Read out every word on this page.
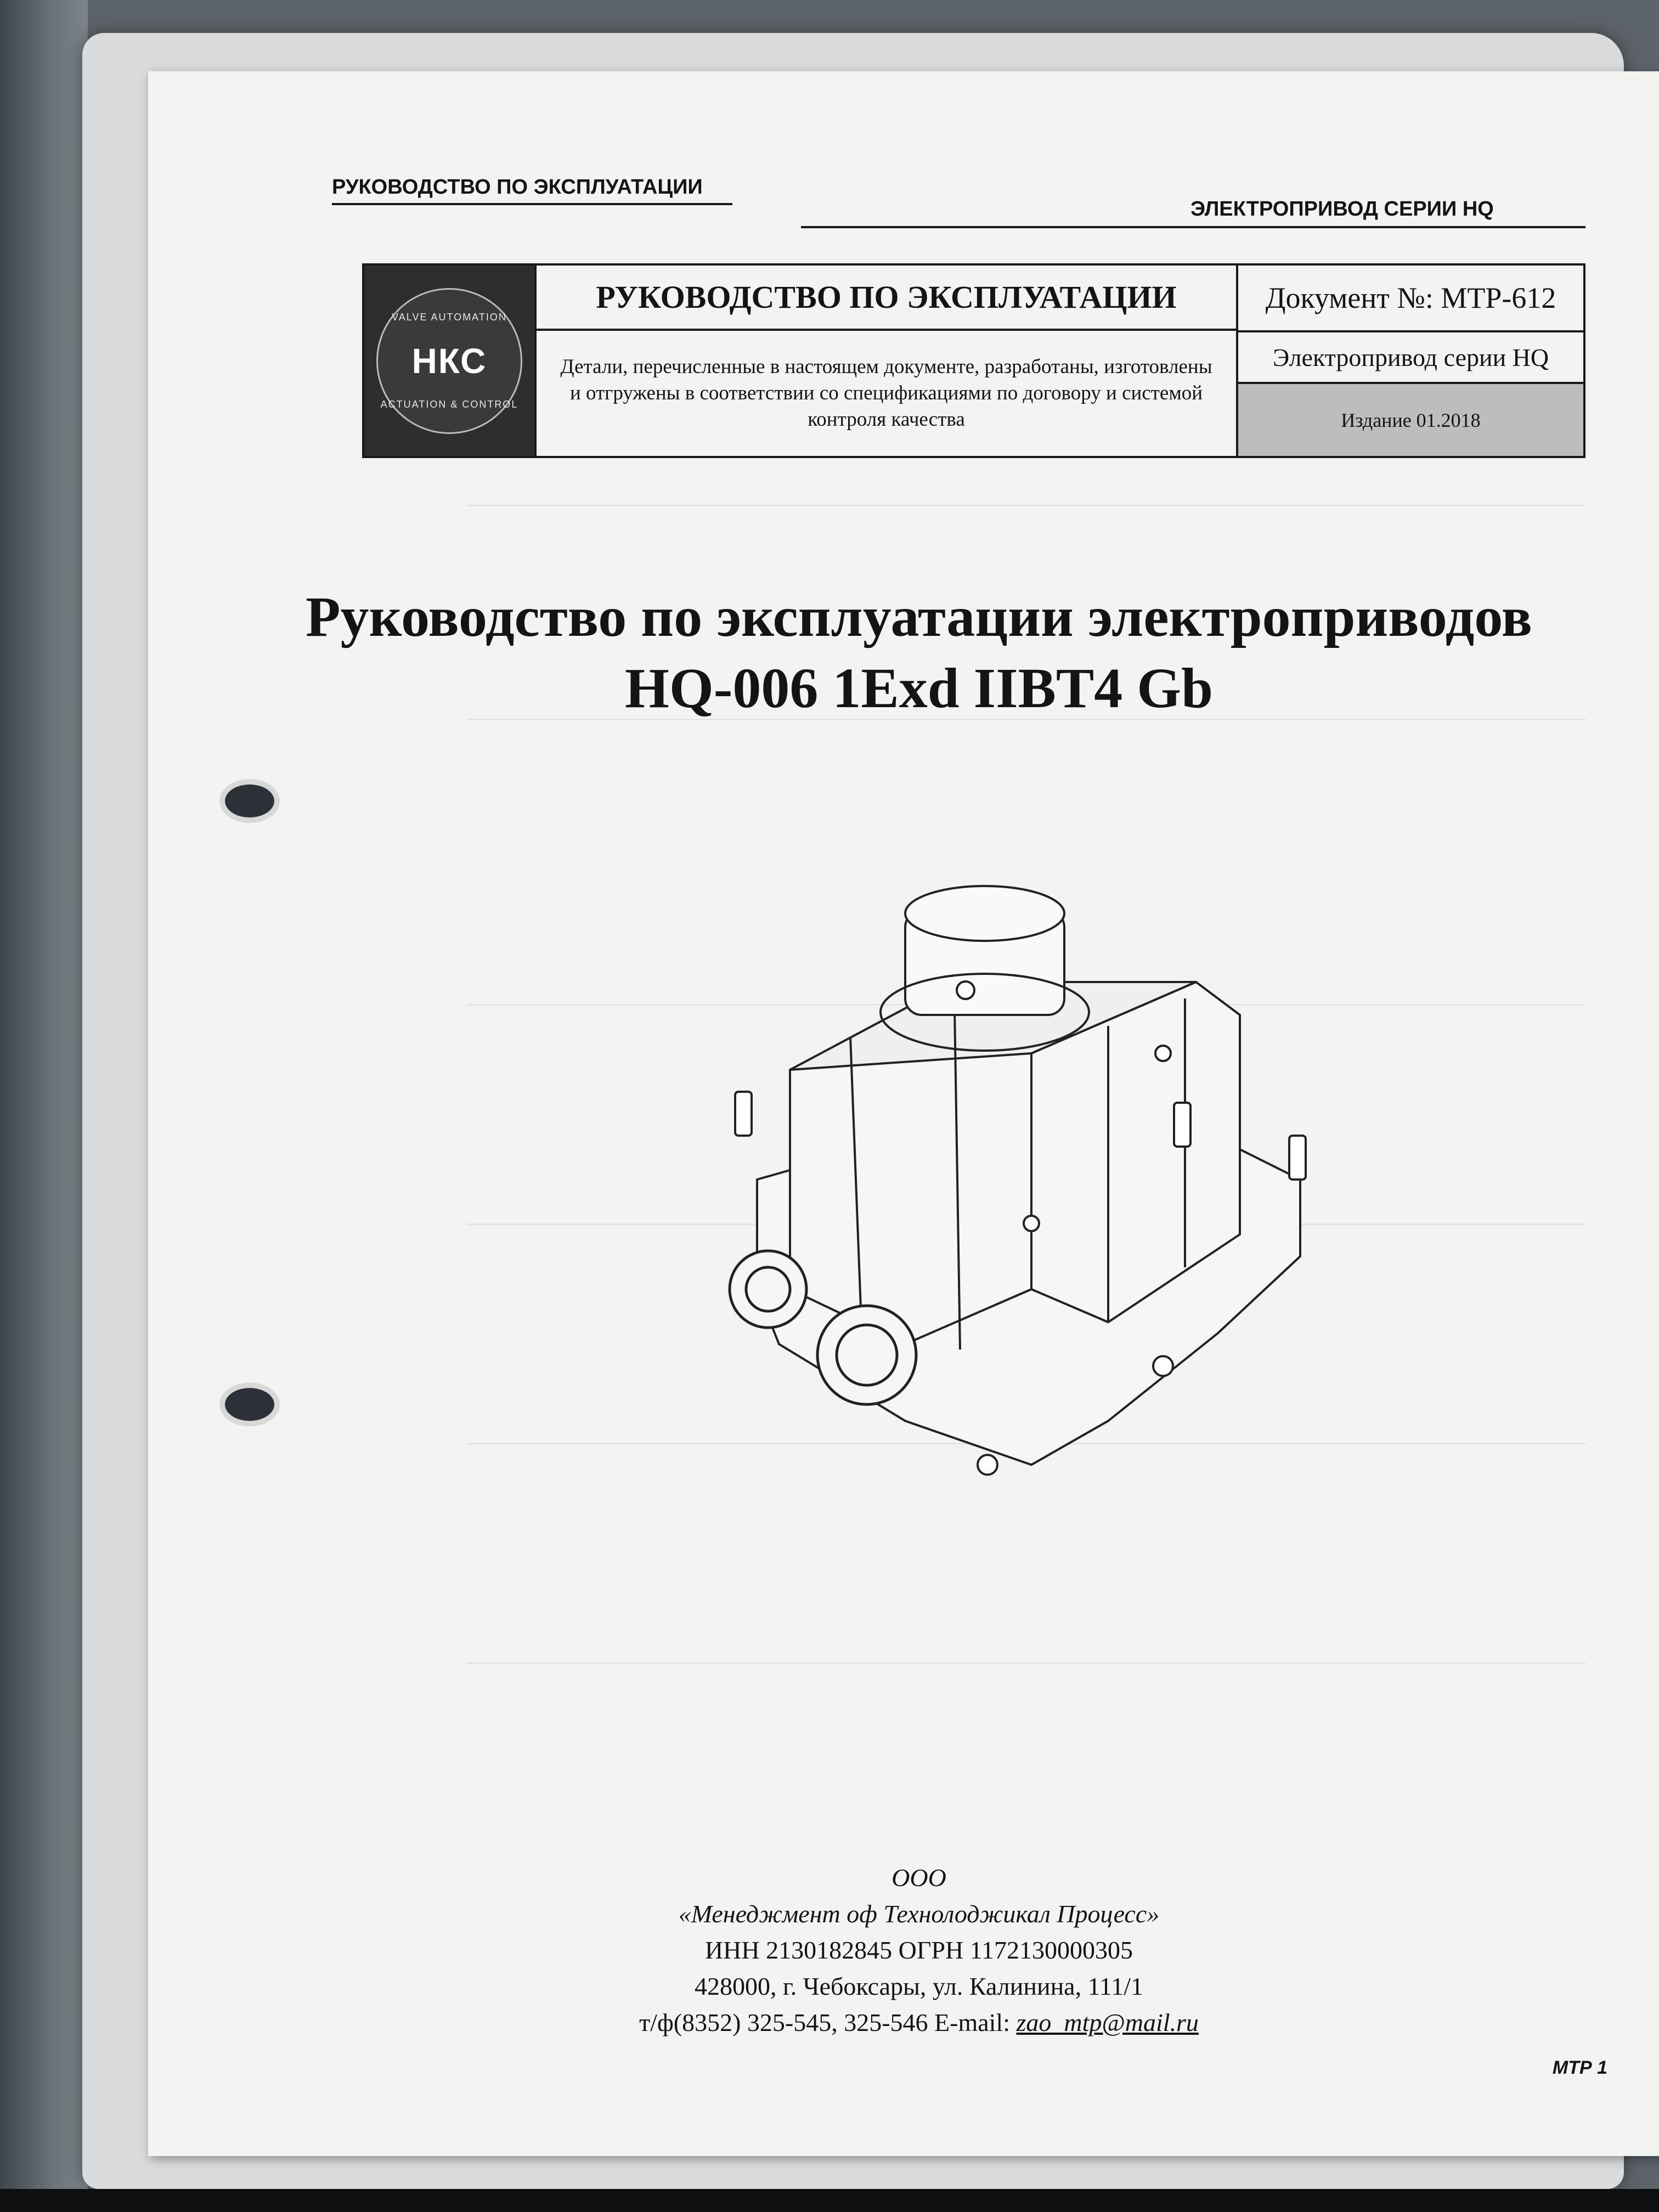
РУКОВОДСТВО ПО ЭКСПЛУАТАЦИИ
ЭЛЕКТРОПРИВОД СЕРИИ HQ
VALVE AUTOMATION
НКС
ACTUATION & CONTROL
РУКОВОДСТВО ПО ЭКСПЛУАТАЦИИ
Детали, перечисленные в настоящем документе, разработаны, изготовлены и отгружены в соответствии со спецификациями по договору и системой контроля качества
Документ №: МТР-612
Электропривод серии HQ
Издание 01.2018
Руководство по эксплуатации электроприводов
HQ-006 1Exd IIBT4 Gb
ООО
«Менеджмент оф Технолоджикал Процесс»
ИНН 2130182845 ОГРН 1172130000305
428000, г. Чебоксары, ул. Калинина, 111/1
т/ф(8352) 325-545, 325-546 E-mail: zao_mtp@mail.ru
МТР 1
